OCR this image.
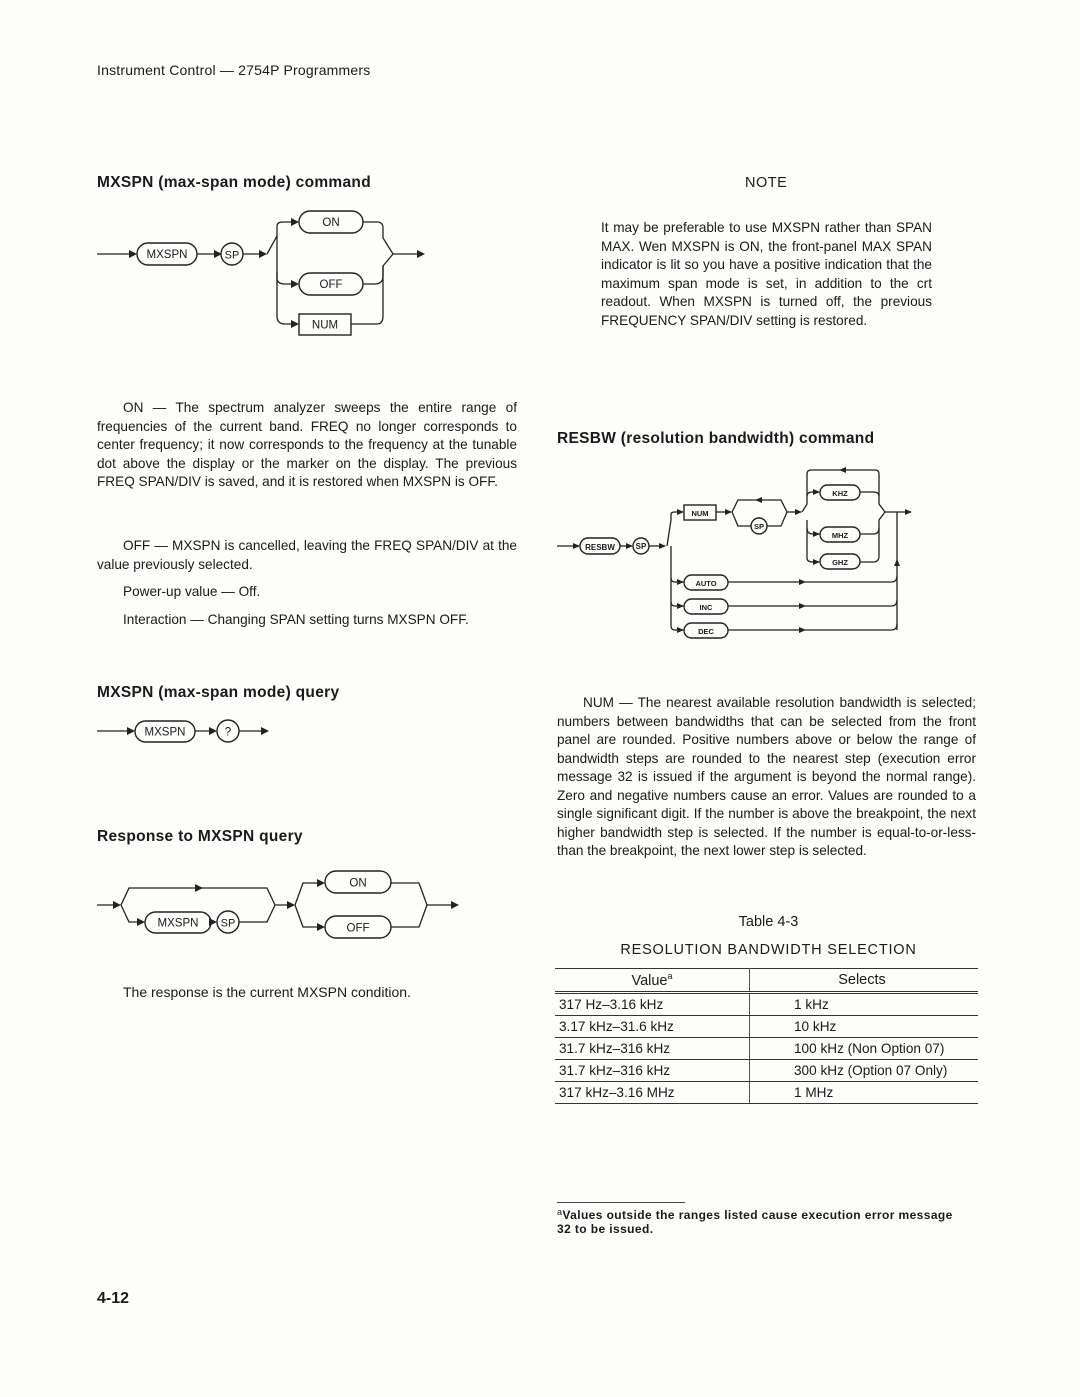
Instrument Control — 2754P Programmers
MXSPN (max-span mode) command
MXSPN	SP
ON
OFF
NUM
ON — The spectrum analyzer sweeps the entire range of frequencies of the current band. FREQ no longer corresponds to center frequency; it now corresponds to the frequency at the tunable dot above the display or the marker on the display. The previous FREQ SPAN/DIV is saved, and it is restored when MXSPN is OFF.
OFF — MXSPN is cancelled, leaving the FREQ SPAN/DIV at the value previously selected.
Power-up value — Off.
Interaction — Changing SPAN setting turns MXSPN OFF.
MXSPN (max-span mode) query
MXSPN	?
Response to MXSPN query
MXSPN SP
ON
OFF
The response is the current MXSPN condition.
NOTE
It may be preferable to use MXSPN rather than SPAN MAX. Wen MXSPN is ON, the front-panel MAX SPAN indicator is lit so you have a positive indication that the maximum span mode is set, in addition to the crt readout. When MXSPN is turned off, the previous FREQUENCY SPAN/DIV setting is restored.
RESBW (resolution bandwidth) command
RESBW	SP
NUM
SP
KHZ
MHZ
GHZ
AUTO
INC
DEC
NUM — The nearest available resolution bandwidth is selected; numbers between bandwidths that can be selected from the front panel are rounded. Positive numbers above or below the range of bandwidth steps are rounded to the nearest step (execution error message 32 is issued if the argument is beyond the normal range). Zero and negative numbers cause an error. Values are rounded to a single significant digit. If the number is above the breakpoint, the next higher bandwidth step is selected. If the number is equal-to-or-less-than the breakpoint, the next lower step is selected.
Table 4-3
RESOLUTION BANDWIDTH SELECTION
Value$^a$	Selects
317 Hz–3.16 kHz	1 kHz
3.17 kHz–31.6 kHz	10 kHz
31.7 kHz–316 kHz	100 kHz (Non Option 07)
31.7 kHz–316 kHz	300 kHz (Option 07 Only)
317 kHz–3.16 MHz	1 MHz
$^a$Values outside the ranges listed cause execution error message 32 to be issued.
4-12
